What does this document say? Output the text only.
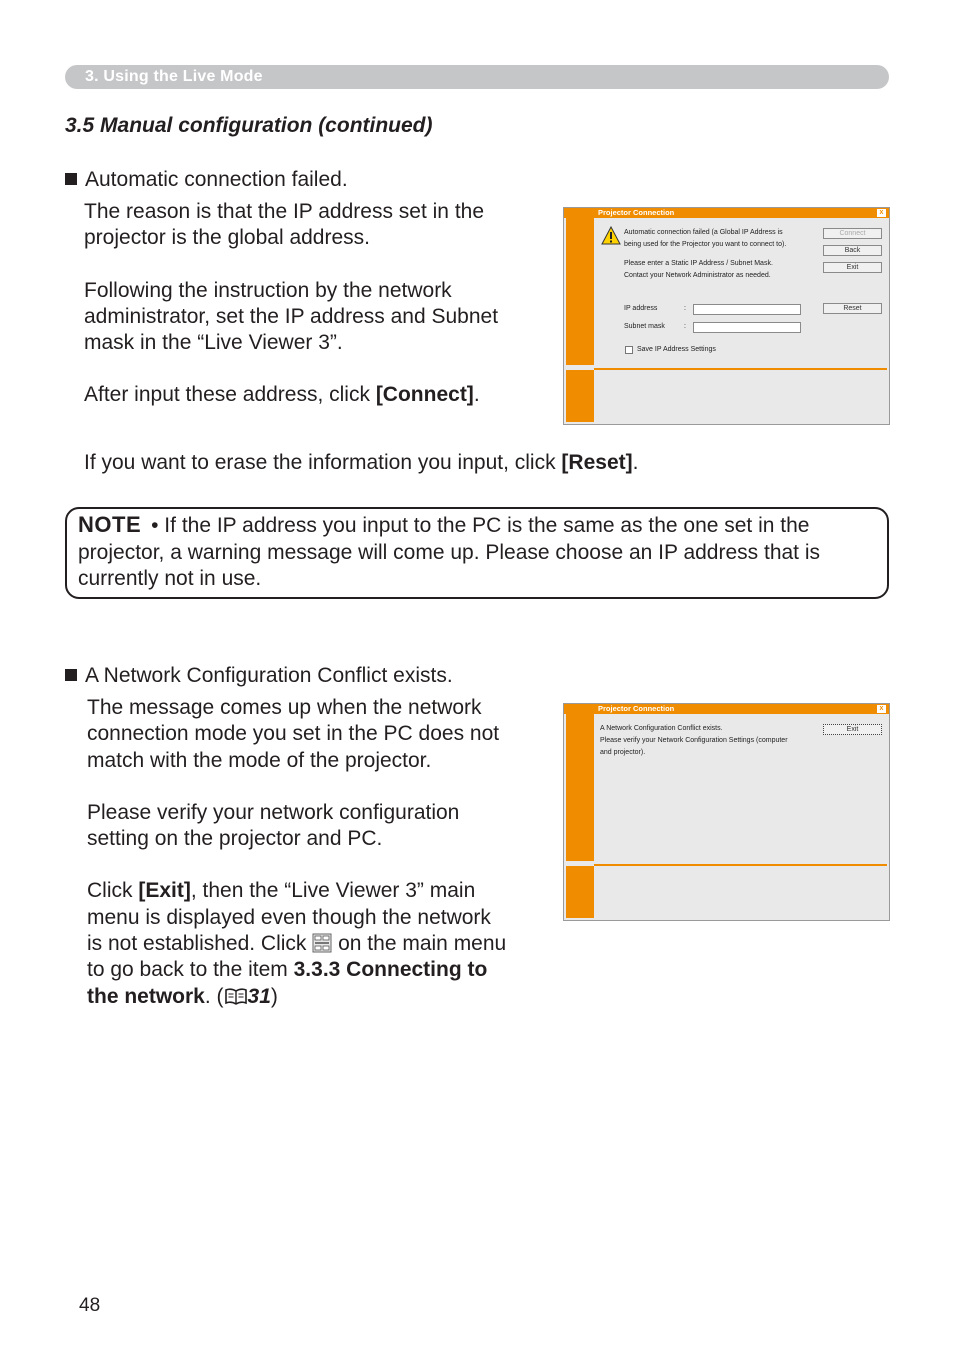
3. Using the Live Mode
3.5 Manual configuration (continued)
Automatic connection failed.

The reason is that the IP address set in the
projector is the global address.

Following the instruction by the network
administrator, set the IP address and Subnet
mask in the “Live Viewer 3”.

After input these address, click [Connect].

If you want to erase the information you input, click [Reset].
Projector Connection	x
Automatic connection failed (a Global IP Address is
being used for the Projector you want to connect to).
Please enter a Static IP Address / Subnet Mask.
Contact your Network Administrator as needed.
IP address	:
Subnet mask	:
Save IP Address Settings
Connect
Back
Exit
Reset
NOTE • If the IP address you input to the PC is the same as the one set in the projector, a warning message will come up. Please choose an IP address that is currently not in use.
A Network Configuration Conflict exists.

The message comes up when the network
connection mode you set in the PC does not
match with the mode of the projector.

Please verify your network configuration
setting on the projector and PC.

Click [Exit], then the “Live Viewer 3” main
menu is displayed even though the network
is not established. Click  on the main menu
to go back to the item 3.3.3 Connecting to
the network. ( 31)

Projector Connection	x
A Network Configuration Conflict exists.
Please verify your Network Configuration Settings (computer
and projector).
Exit
48
